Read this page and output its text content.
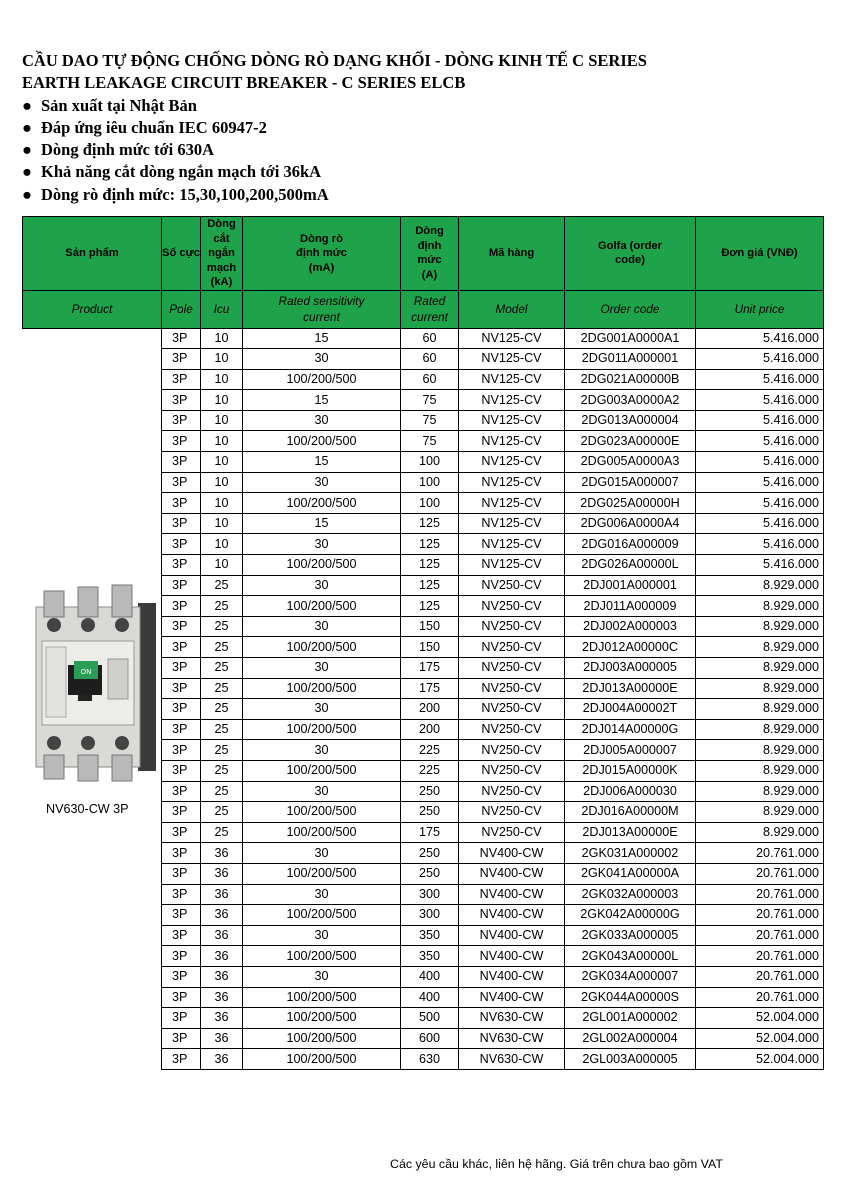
CẦU DAO TỰ ĐỘNG CHỐNG DÒNG RÒ DẠNG KHỐI - DÒNG KINH TẾ C SERIES
EARTH LEAKAGE CIRCUIT BREAKER - C SERIES ELCB
● Sản xuất tại Nhật Bản
● Đáp ứng iêu chuẩn IEC 60947-2
● Dòng định mức tới 630A
● Khả năng cắt dòng ngắn mạch tới 36kA
● Dòng rò định mức: 15,30,100,200,500mA
Sản phẩm	Số cực	Dòng cắt ngắn mạch (kA)	Dòng rò định mức (mA)	Dòng định mức (A)	Mã hàng	Golfa (order code)	Đơn giá (VNĐ)
Product	Pole	Icu	Rated sensitivity current	Rated current	Model	Order code	Unit price
	3P	10	15	60	NV125-CV	2DG001A0000A1	5.416.000
	3P	10	30	60	NV125-CV	2DG011A000001	5.416.000
	3P	10	100/200/500	60	NV125-CV	2DG021A00000B	5.416.000
	3P	10	15	75	NV125-CV	2DG003A0000A2	5.416.000
	3P	10	30	75	NV125-CV	2DG013A000004	5.416.000
	3P	10	100/200/500	75	NV125-CV	2DG023A00000E	5.416.000
	3P	10	15	100	NV125-CV	2DG005A0000A3	5.416.000
	3P	10	30	100	NV125-CV	2DG015A000007	5.416.000
	3P	10	100/200/500	100	NV125-CV	2DG025A00000H	5.416.000
	3P	10	15	125	NV125-CV	2DG006A0000A4	5.416.000
	3P	10	30	125	NV125-CV	2DG016A000009	5.416.000
	3P	10	100/200/500	125	NV125-CV	2DG026A00000L	5.416.000
	3P	25	30	125	NV250-CV	2DJ001A000001	8.929.000
	3P	25	100/200/500	125	NV250-CV	2DJ011A000009	8.929.000
	3P	25	30	150	NV250-CV	2DJ002A000003	8.929.000
	3P	25	100/200/500	150	NV250-CV	2DJ012A00000C	8.929.000
	3P	25	30	175	NV250-CV	2DJ003A000005	8.929.000
	3P	25	100/200/500	175	NV250-CV	2DJ013A00000E	8.929.000
	3P	25	30	200	NV250-CV	2DJ004A00002T	8.929.000
	3P	25	100/200/500	200	NV250-CV	2DJ014A00000G	8.929.000
	3P	25	30	225	NV250-CV	2DJ005A000007	8.929.000
	3P	25	100/200/500	225	NV250-CV	2DJ015A00000K	8.929.000
	3P	25	30	250	NV250-CV	2DJ006A000030	8.929.000
	3P	25	100/200/500	250	NV250-CV	2DJ016A00000M	8.929.000
	3P	25	100/200/500	175	NV250-CV	2DJ013A00000E	8.929.000
	3P	36	30	250	NV400-CW	2GK031A000002	20.761.000
	3P	36	100/200/500	250	NV400-CW	2GK041A00000A	20.761.000
	3P	36	30	300	NV400-CW	2GK032A000003	20.761.000
	3P	36	100/200/500	300	NV400-CW	2GK042A00000G	20.761.000
	3P	36	30	350	NV400-CW	2GK033A000005	20.761.000
	3P	36	100/200/500	350	NV400-CW	2GK043A00000L	20.761.000
	3P	36	30	400	NV400-CW	2GK034A000007	20.761.000
	3P	36	100/200/500	400	NV400-CW	2GK044A00000S	20.761.000
	3P	36	100/200/500	500	NV630-CW	2GL001A000002	52.004.000
	3P	36	100/200/500	600	NV630-CW	2GL002A000004	52.004.000
	3P	36	100/200/500	630	NV630-CW	2GL003A000005	52.004.000
ON
NV630-CW 3P
Các yêu cầu khác, liên hệ hãng. Giá trên chưa bao gồm VAT
